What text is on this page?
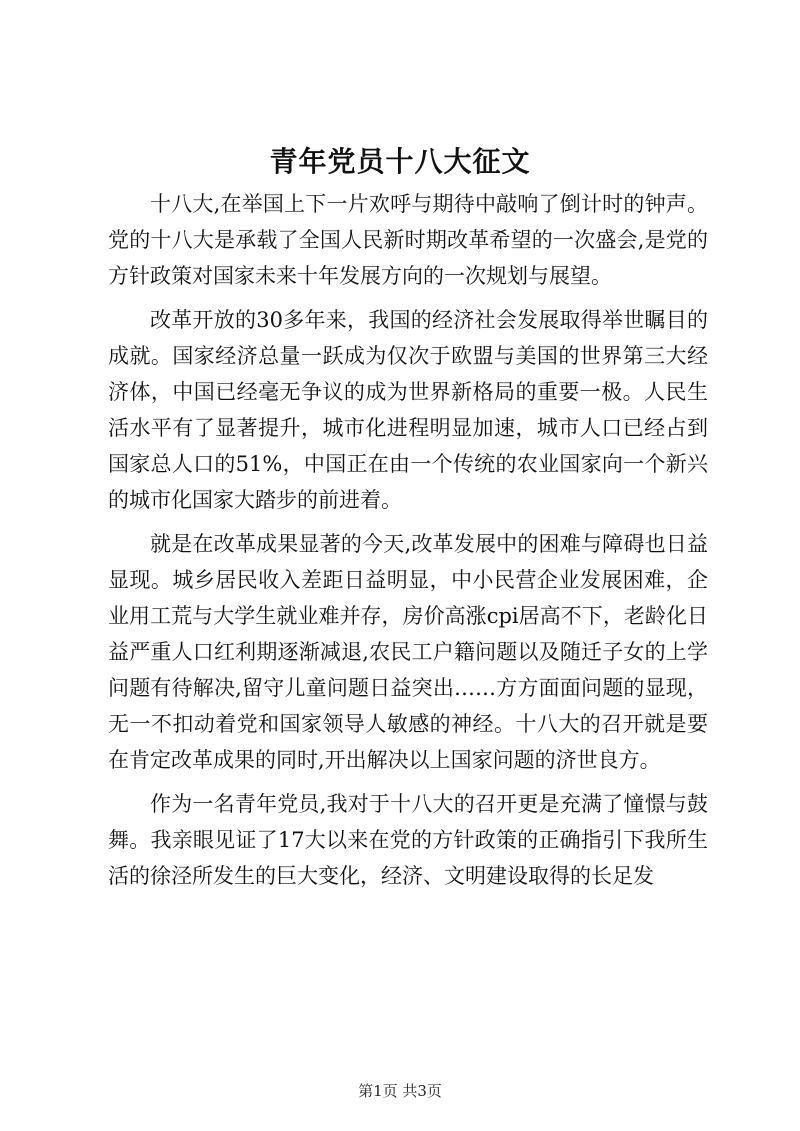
青年党员十八大征文

十八大,在举国上下一片欢呼与期待中敲响了倒计时的钟声。党的十八大是承载了全国人民新时期改革希望的一次盛会,是党的方针政策对国家未来十年发展方向的一次规划与展望。

改革开放的30多年来，我国的经济社会发展取得举世瞩目的成就。国家经济总量一跃成为仅次于欧盟与美国的世界第三大经济体，中国已经毫无争议的成为世界新格局的重要一极。人民生活水平有了显著提升，城市化进程明显加速，城市人口已经占到国家总人口的51%，中国正在由一个传统的农业国家向一个新兴的城市化国家大踏步的前进着。

就是在改革成果显著的今天,改革发展中的困难与障碍也日益显现。城乡居民收入差距日益明显，中小民营企业发展困难，企业用工荒与大学生就业难并存，房价高涨cpi居高不下，老龄化日益严重人口红利期逐渐减退,农民工户籍问题以及随迁子女的上学问题有待解决,留守儿童问题日益突出……方方面面问题的显现，无一不扣动着党和国家领导人敏感的神经。十八大的召开就是要在肯定改革成果的同时,开出解决以上国家问题的济世良方。

作为一名青年党员,我对于十八大的召开更是充满了憧憬与鼓舞。我亲眼见证了17大以来在党的方针政策的正确指引下我所生活的徐泾所发生的巨大变化，经济、文明建设取得的长足发

第1页 共3页
